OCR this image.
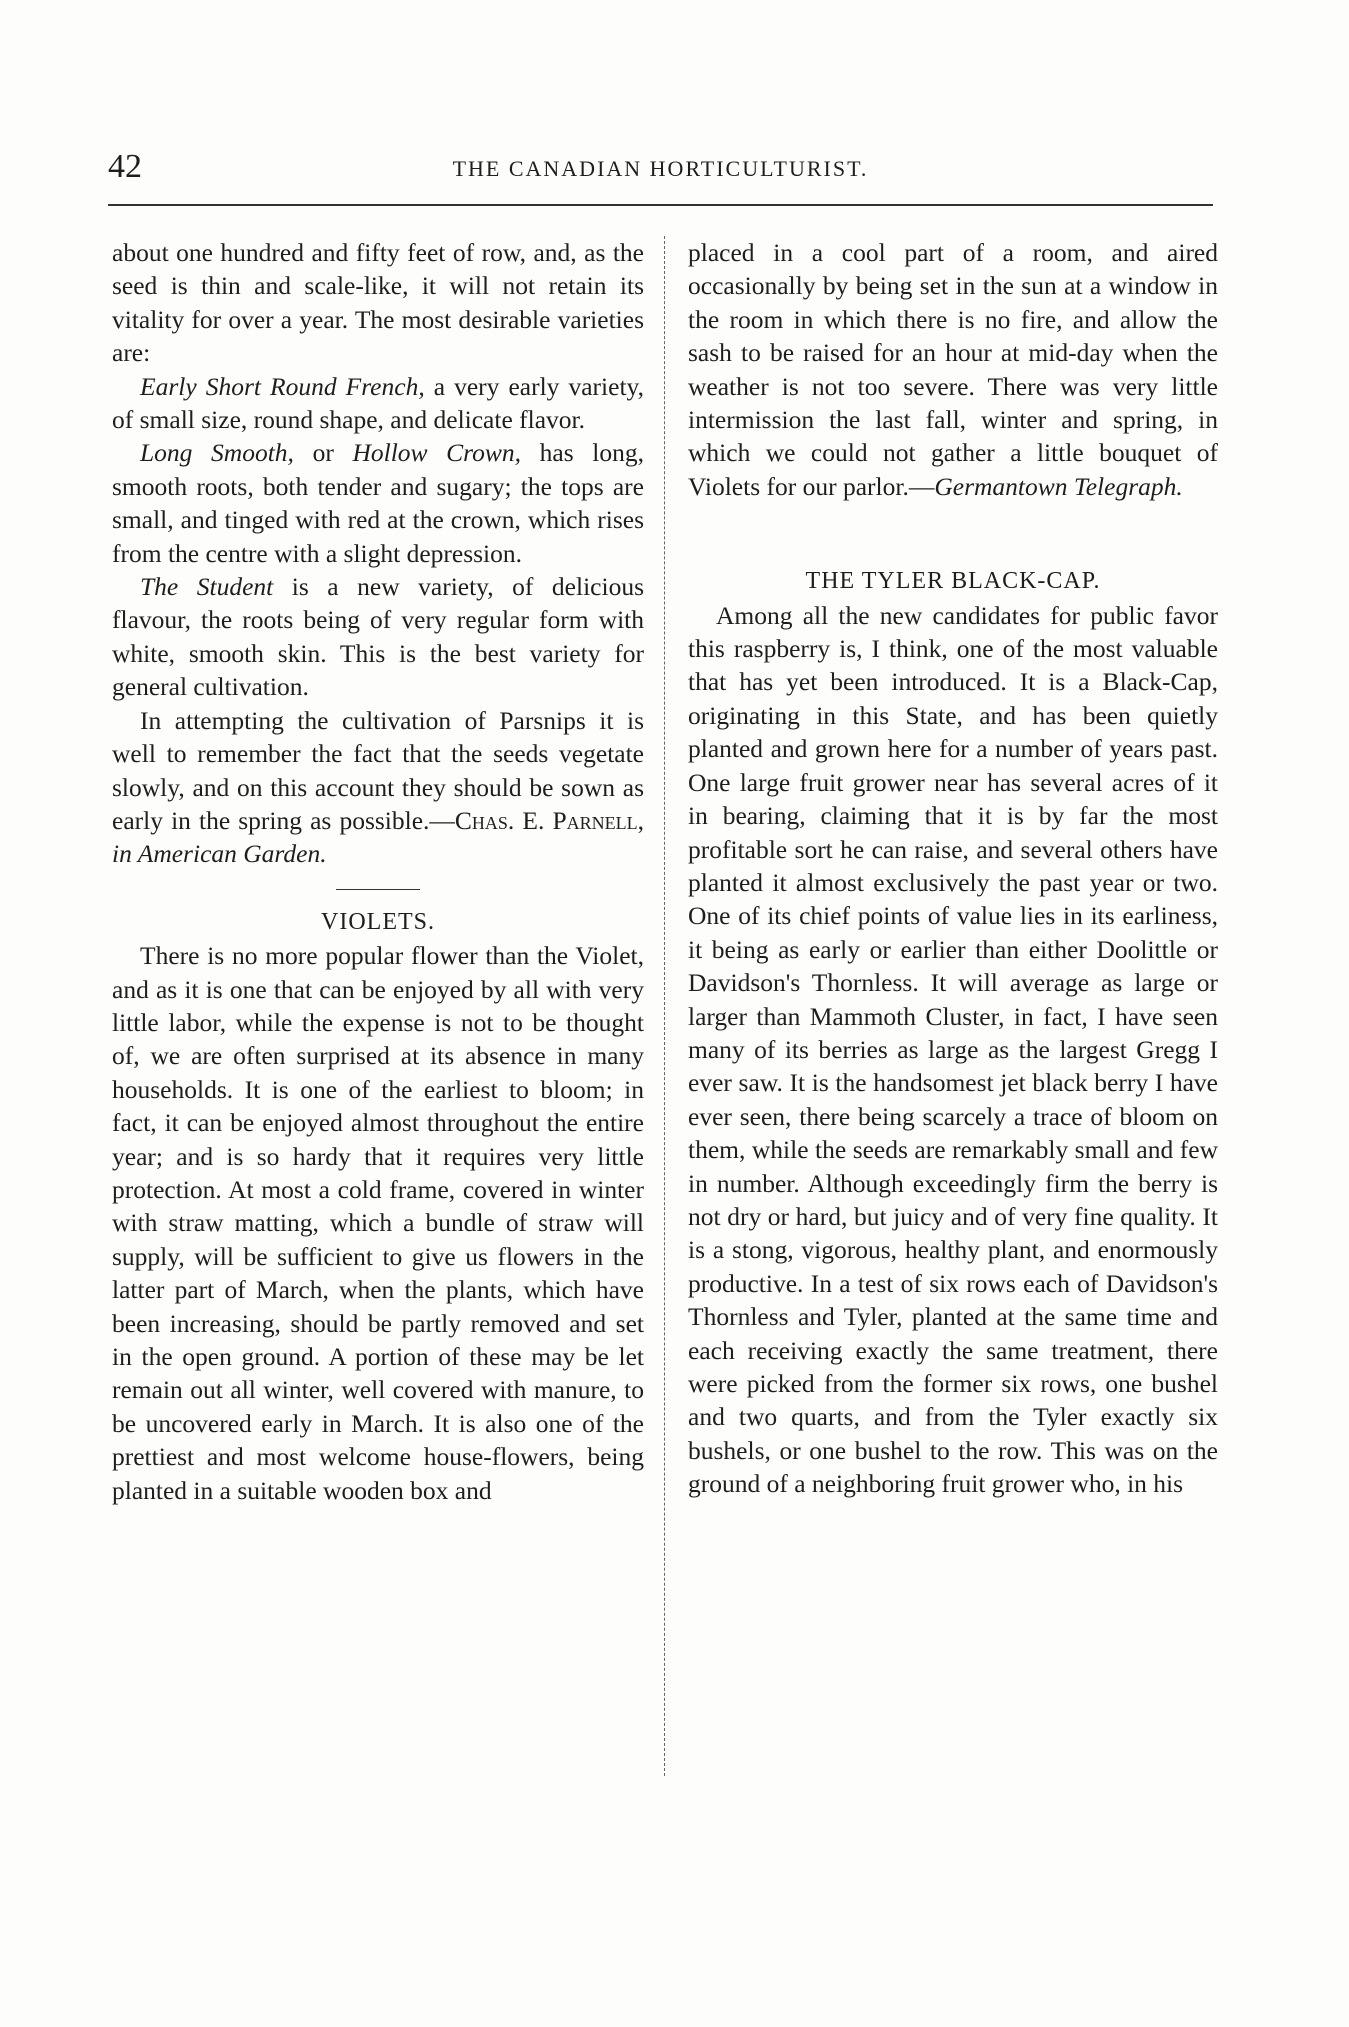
42	THE CANADIAN HORTICULTURIST.

about one hundred and fifty feet of row, and, as the seed is thin and scale-like, it will not retain its vitality for over a year. The most desirable varieties are:

Early Short Round French, a very early variety, of small size, round shape, and delicate flavor.

Long Smooth, or Hollow Crown, has long, smooth roots, both tender and sugary; the tops are small, and tinged with red at the crown, which rises from the centre with a slight depression.

The Student is a new variety, of delicious flavour, the roots being of very regular form with white, smooth skin. This is the best variety for general cultivation.

In attempting the cultivation of Parsnips it is well to remember the fact that the seeds vegetate slowly, and on this account they should be sown as early in the spring as possible.—Chas. E. Parnell, in American Garden.

VIOLETS.

There is no more popular flower than the Violet, and as it is one that can be enjoyed by all with very little labor, while the expense is not to be thought of, we are often surprised at its absence in many households. It is one of the earliest to bloom; in fact, it can be enjoyed almost throughout the entire year; and is so hardy that it requires very little protection. At most a cold frame, covered in winter with straw matting, which a bundle of straw will supply, will be sufficient to give us flowers in the latter part of March, when the plants, which have been increasing, should be partly removed and set in the open ground. A portion of these may be let remain out all winter, well covered with manure, to be uncovered early in March. It is also one of the prettiest and most welcome house-flowers, being planted in a suitable wooden box and

placed in a cool part of a room, and aired occasionally by being set in the sun at a window in the room in which there is no fire, and allow the sash to be raised for an hour at mid-day when the weather is not too severe. There was very little intermission the last fall, winter and spring, in which we could not gather a little bouquet of Violets for our parlor.—Germantown Telegraph.

THE TYLER BLACK-CAP.

Among all the new candidates for public favor this raspberry is, I think, one of the most valuable that has yet been introduced. It is a Black-Cap, originating in this State, and has been quietly planted and grown here for a number of years past. One large fruit grower near has several acres of it in bearing, claiming that it is by far the most profitable sort he can raise, and several others have planted it almost exclusively the past year or two. One of its chief points of value lies in its earliness, it being as early or earlier than either Doolittle or Davidson's Thornless. It will average as large or larger than Mammoth Cluster, in fact, I have seen many of its berries as large as the largest Gregg I ever saw. It is the handsomest jet black berry I have ever seen, there being scarcely a trace of bloom on them, while the seeds are remarkably small and few in number. Although exceedingly firm the berry is not dry or hard, but juicy and of very fine quality. It is a stong, vigorous, healthy plant, and enormously productive. In a test of six rows each of Davidson's Thornless and Tyler, planted at the same time and each receiving exactly the same treatment, there were picked from the former six rows, one bushel and two quarts, and from the Tyler exactly six bushels, or one bushel to the row. This was on the ground of a neighboring fruit grower who, in his
